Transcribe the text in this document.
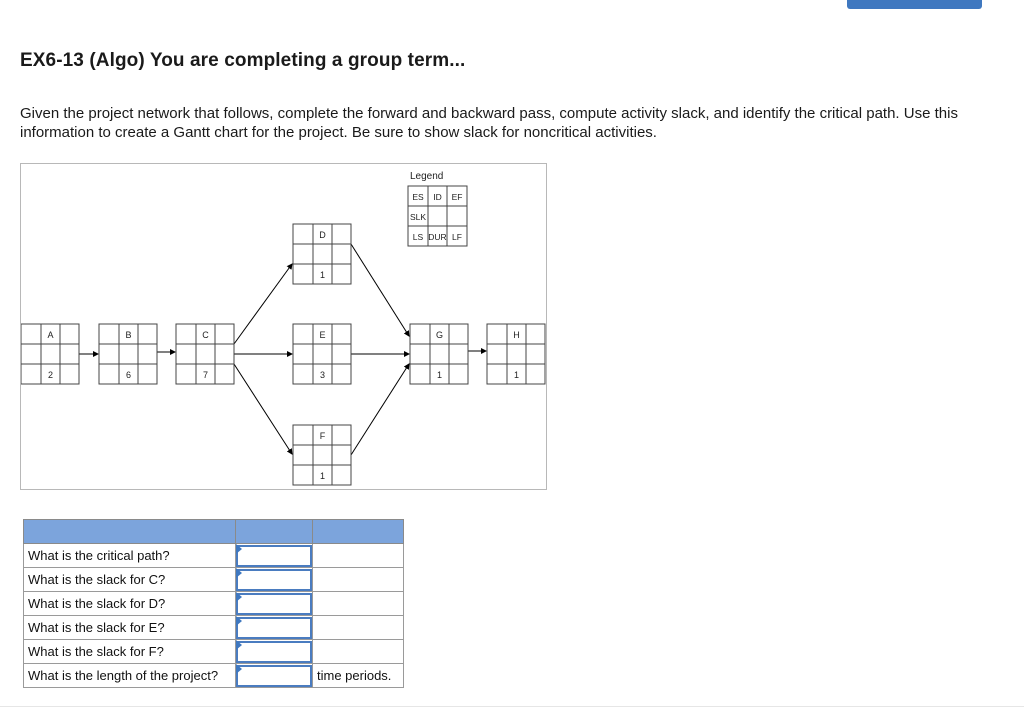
EX6-13 (Algo) You are completing a group term...

Given the project network that follows, complete the forward and backward pass, compute activity slack, and identify the critical path. Use this information to create a Gantt chart for the project. Be sure to show slack for noncritical activities.

A
2
B
6
C
7
D
1
E
3
F
1
G
1
H
1
Legend
ES ID EF
SLK
LS DUR LF

What is the critical path?	

What is the slack for C?	

What is the slack for D?	

What is the slack for E?	

What is the slack for F?	

What is the length of the project?		time periods.
